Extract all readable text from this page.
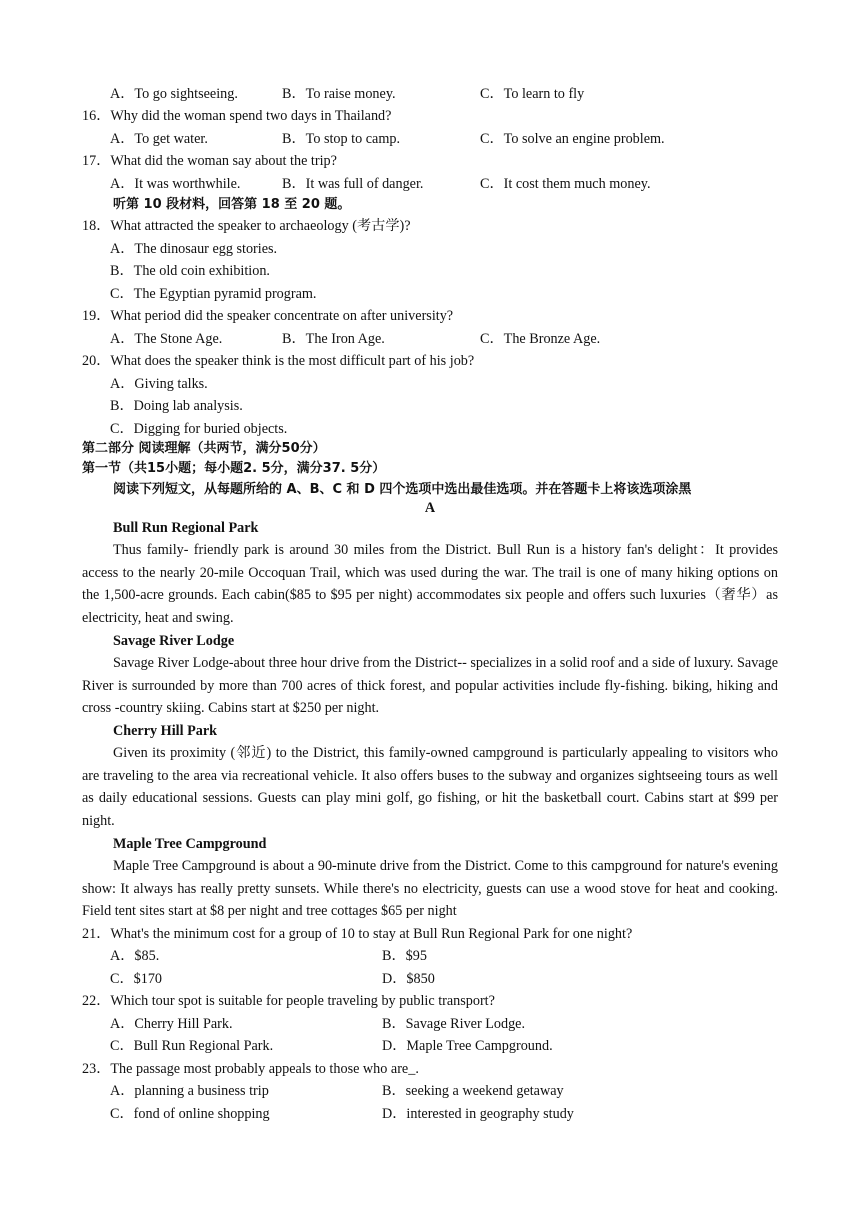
A．To go sightseeing.	B．To raise money.	C．To learn to fly
16．Why did the woman spend two days in Thailand?
A．To get water.	B．To stop to camp.	C．To solve an engine problem.
17．What did the woman say about the trip?
A．It was worthwhile.	B．It was full of danger.	C．It cost them much money.
听第 10 段材料，回答第 18 至 20 题。
18．What attracted the speaker to archaeology (考古学)?
A．The dinosaur egg stories.
B．The old coin exhibition.
C．The Egyptian pyramid program.
19．What period did the speaker concentrate on after university?
A．The Stone Age.	B．The Iron Age.	C．The Bronze Age.
20．What does the speaker think is the most difficult part of his job?
A．Giving talks.
B．Doing lab analysis.
C．Digging for buried objects.
第二部分 阅读理解（共两节，满分50分）
第一节（共15小题；每小题2. 5分，满分37. 5分）
阅读下列短文，从每题所给的 A、B、C 和 D 四个选项中选出最佳选项。并在答题卡上将该选项涂黑
A
Bull Run Regional Park
Thus family- friendly park is around 30 miles from the District. Bull Run is a history fan's delight：It provides access to the nearly 20-mile Occoquan Trail, which was used during the war. The trail is one of many hiking options on the 1,500-acre grounds. Each cabin($85 to $95 per night) accommodates six people and offers such luxuries（奢华）as electricity, heat and swing.
Savage River Lodge
Savage River Lodge-about three hour drive from the District-- specializes in a solid roof and a side of luxury. Savage River is surrounded by more than 700 acres of thick forest, and popular activities include fly-fishing. biking, hiking and cross -country skiing. Cabins start at $250 per night.
Cherry Hill Park
Given its proximity (邻近) to the District, this family-owned campground is particularly appealing to visitors who are traveling to the area via recreational vehicle. It also offers buses to the subway and organizes sightseeing tours as well as daily educational sessions. Guests can play mini golf, go fishing, or hit the basketball court. Cabins start at $99 per night.
Maple Tree Campground
Maple Tree Campground is about a 90-minute drive from the District. Come to this campground for nature's evening show: It always has really pretty sunsets. While there's no electricity, guests can use a wood stove for heat and cooking. Field tent sites start at $8 per night and tree cottages $65 per night
21．What's the minimum cost for a group of 10 to stay at Bull Run Regional Park for one night?
A．$85.	B．$95
C．$170	D．$850
22．Which tour spot is suitable for people traveling by public transport?
A．Cherry Hill Park.	B．Savage River Lodge.
C．Bull Run Regional Park.	D．Maple Tree Campground.
23．The passage most probably appeals to those who are_.
A．planning a business trip	B．seeking a weekend getaway
C．fond of online shopping	D．interested in geography study
